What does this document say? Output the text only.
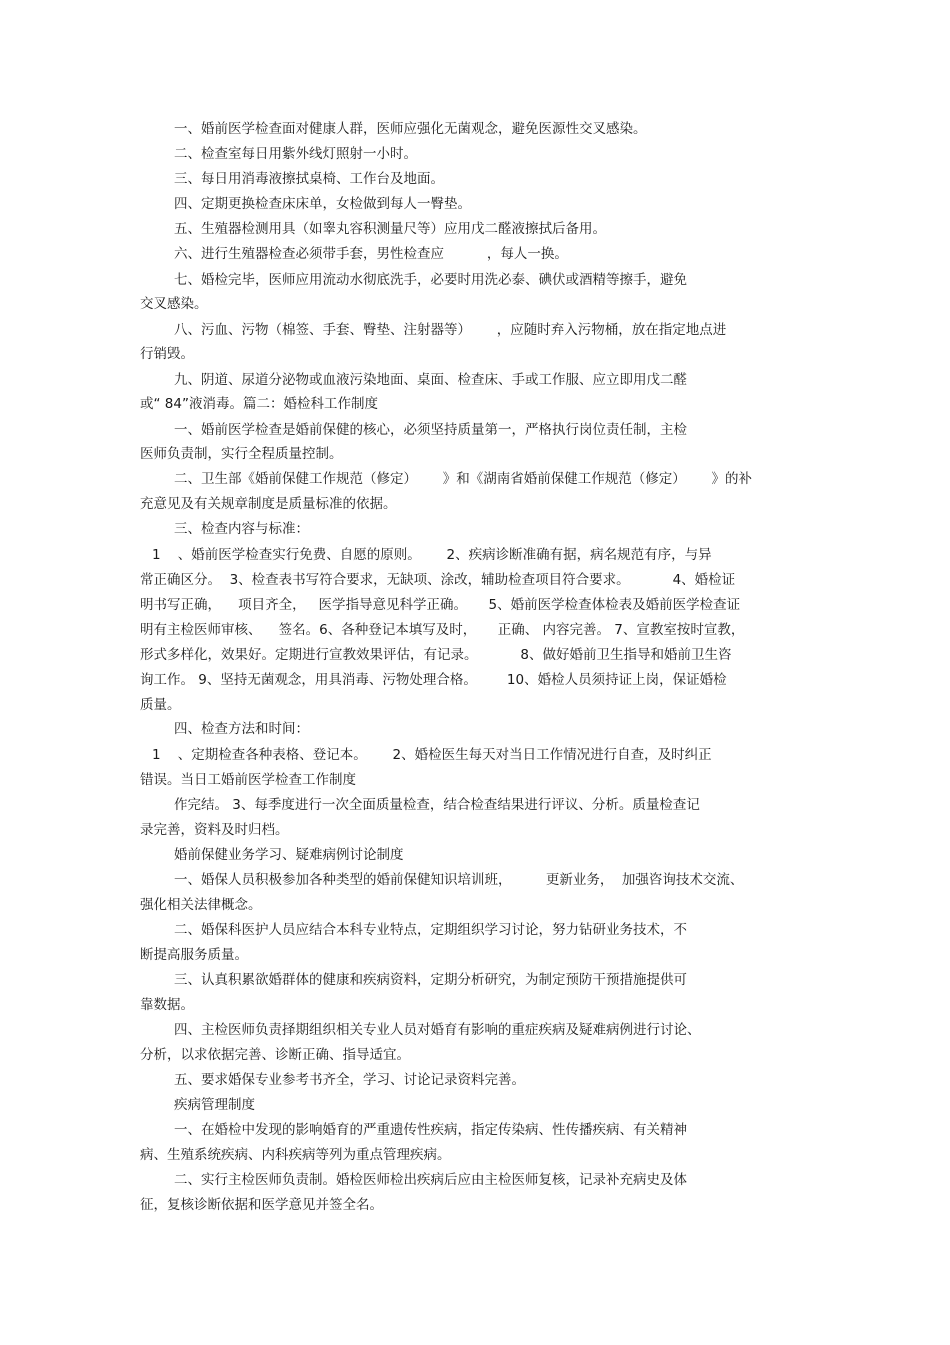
一、婚前医学检查面对健康人群，医师应强化无菌观念，避免医源性交叉感染。

二、检查室每日用紫外线灯照射一小时。

三、每日用消毒液擦拭桌椅、工作台及地面。

四、定期更换检查床床单，女检做到每人一臀垫。

五、生殖器检测用具（如睾丸容积测量尺等）应用戊二醛液擦拭后备用。

六、进行生殖器检查必须带手套，男性检查应          ，每人一换。

七、婚检完毕，医师应用流动水彻底洗手，必要时用洗必泰、碘伏或酒精等擦手，避免

交叉感染。

八、污血、污物（棉签、手套、臀垫、注射器等）      ，应随时弃入污物桶，放在指定地点进

行销毁。

九、阴道、尿道分泌物或血液污染地面、桌面、检查床、手或工作服、应立即用戊二醛

或“ 84”液消毒。篇二：婚检科工作制度

一、婚前医学检查是婚前保健的核心，必须坚持质量第一，严格执行岗位责任制，主检

医师负责制，实行全程质量控制。

二、卫生部《婚前保健工作规范（修定）      》和《湖南省婚前保健工作规范（修定）      》的补

充意见及有关规章制度是质量标准的依据。

三、检查内容与标准：

1    、婚前医学检查实行免费、自愿的原则。      2、疾病诊断准确有据，病名规范有序，与异

常正确区分。  3、检查表书写符合要求，无缺项、涂改，辅助检查项目符合要求。          4、婚检证

明书写正确，    项目齐全，   医学指导意见科学正确。     5、婚前医学检查体检表及婚前医学检查证

明有主检医师审核、    签名。6、各种登记本填写及时，     正确、 内容完善。 7、宣教室按时宣教，

形式多样化，效果好。定期进行宣教效果评估，有记录。          8、做好婚前卫生指导和婚前卫生咨

询工作。 9、坚持无菌观念，用具消毒、污物处理合格。       10、婚检人员须持证上岗，保证婚检

质量。

四、检查方法和时间：

1    、定期检查各种表格、登记本。      2、婚检医生每天对当日工作情况进行自查，及时纠正

错误。当日工婚前医学检查工作制度

作完结。 3、每季度进行一次全面质量检查，结合检查结果进行评议、分析。质量检查记

录完善，资料及时归档。

婚前保健业务学习、疑难病例讨论制度

一、婚保人员积极参加各种类型的婚前保健知识培训班，        更新业务，  加强咨询技术交流、

强化相关法律概念。

二、婚保科医护人员应结合本科专业特点，定期组织学习讨论，努力钻研业务技术，不

断提高服务质量。

三、认真积累欲婚群体的健康和疾病资料，定期分析研究，为制定预防干预措施提供可

靠数据。

四、主检医师负责择期组织相关专业人员对婚育有影响的重症疾病及疑难病例进行讨论、

分析，以求依据完善、诊断正确、指导适宜。

五、要求婚保专业参考书齐全，学习、讨论记录资料完善。

疾病管理制度

一、在婚检中发现的影响婚育的严重遗传性疾病，指定传染病、性传播疾病、有关精神

病、生殖系统疾病、内科疾病等列为重点管理疾病。

二、实行主检医师负责制。婚检医师检出疾病后应由主检医师复核，记录补充病史及体

征，复核诊断依据和医学意见并签全名。
